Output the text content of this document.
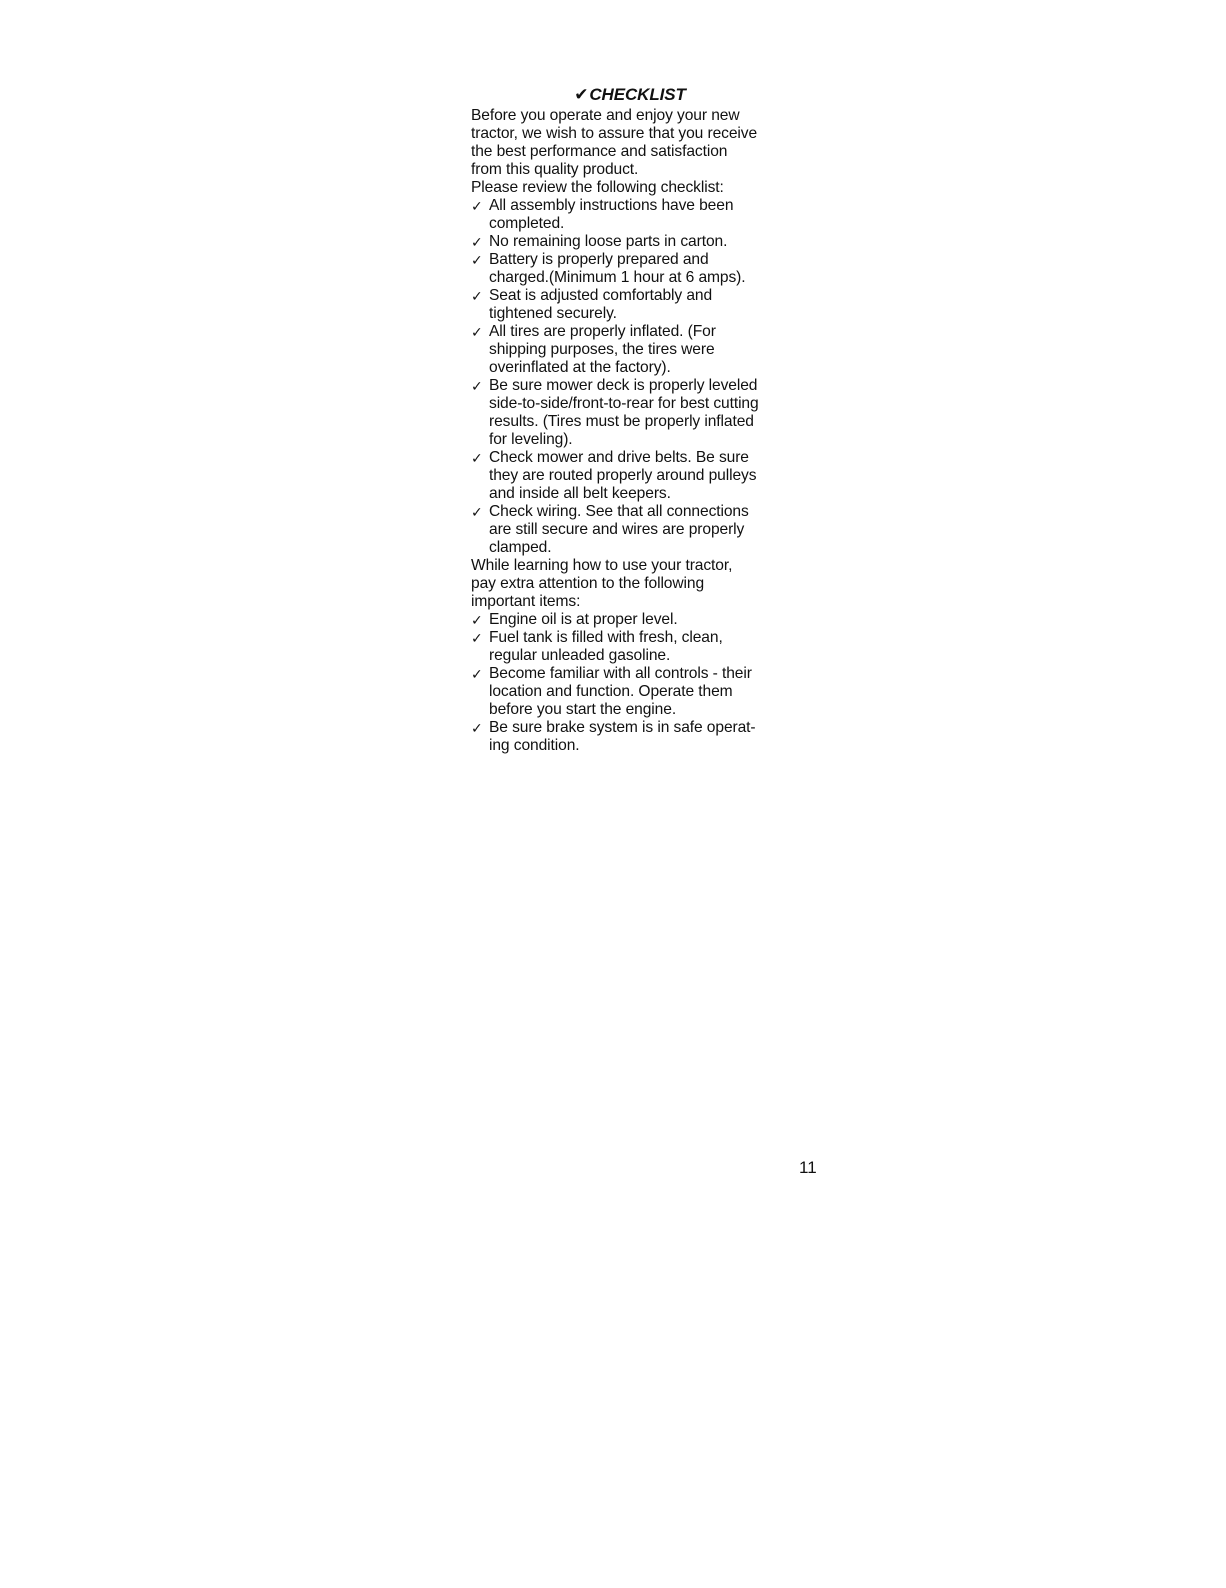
✔CHECKLIST

Before you operate and enjoy your new
tractor, we wish to assure that you receive
the best performance and satisfaction
from this quality product.

Please review the following checklist:

✓ All assembly instructions have been
completed.
✓ No remaining loose parts in carton.
✓ Battery is properly prepared and
charged.(Minimum 1 hour at 6 amps).
✓ Seat is adjusted comfortably and
tightened securely.
✓ All tires are properly inflated. (For
shipping purposes, the tires were
overinflated at the factory).
✓ Be sure mower deck is properly leveled
side-to-side/front-to-rear for best cutting
results. (Tires must be properly inflated
for leveling).
✓ Check mower and drive belts. Be sure
they are routed properly around pulleys
and inside all belt keepers.
✓ Check wiring. See that all connections
are still secure and wires are properly
clamped.

While learning how to use your tractor,
pay extra attention to the following
important items:

✓ Engine oil is at proper level.
✓ Fuel tank is filled with fresh, clean,
regular unleaded gasoline.
✓ Become familiar with all controls - their
location and function. Operate them
before you start the engine.
✓ Be sure brake system is in safe operat-
ing condition.
11
